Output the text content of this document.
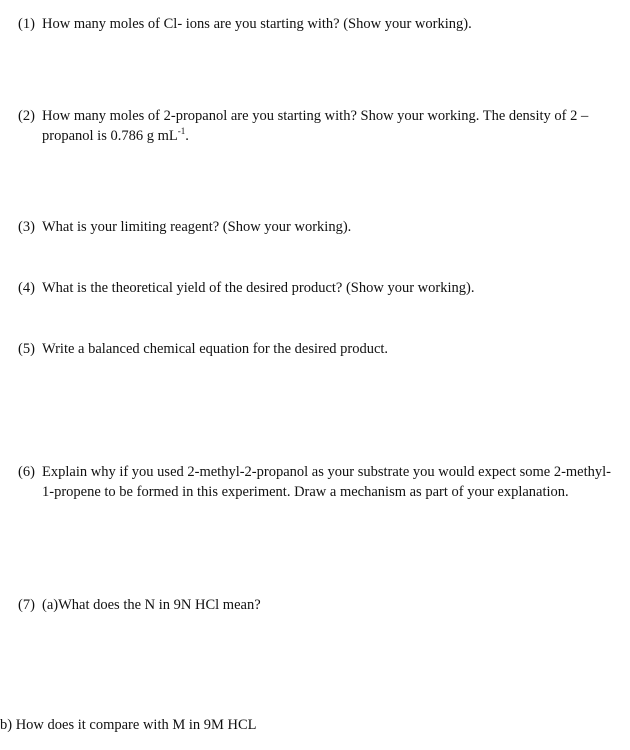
(1) How many moles of Cl- ions are you starting with? (Show your working).

(2) How many moles of 2-propanol are you starting with? Show your working. The density of 2 –propanol is 0.786 g $mL^{-1}$.

(3) What is your limiting reagent? (Show your working).

(4) What is the theoretical yield of the desired product? (Show your working).

(5) Write a balanced chemical equation for the desired product.

(6) Explain why if you used 2-methyl-2-propanol as your substrate you would expect some 2-methyl-1-propene to be formed in this experiment. Draw a mechanism as part of your explanation.

(7) (a)What does the N in 9N HCl mean?

b) How does it compare with M in 9M HCL
